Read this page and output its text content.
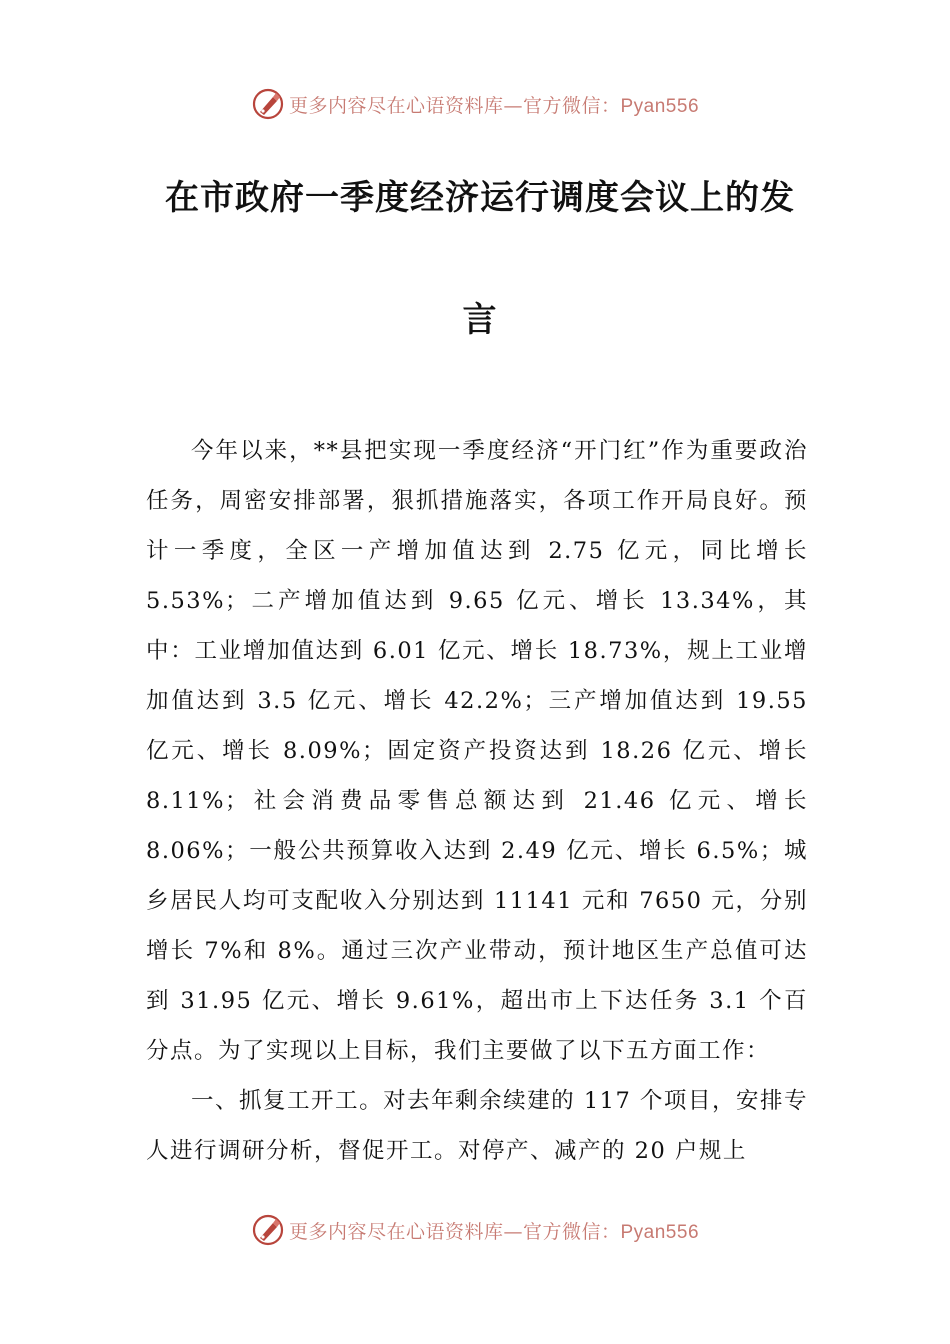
更多内容尽在心语资料库—官方微信：Pyan556
在市政府一季度经济运行调度会议上的发
言

今年以来，**县把实现一季度经济“开门红”作为重要政治任务，周密安排部署，狠抓措施落实，各项工作开局良好。预计一季度，全区一产增加值达到 2.75 亿元，同比增长 5.53%；二产增加值达到 9.65 亿元、增长 13.34%，其中：工业增加值达到 6.01 亿元、增长 18.73%，规上工业增加值达到 3.5 亿元、增长 42.2%；三产增加值达到 19.55 亿元、增长 8.09%；固定资产投资达到 18.26 亿元、增长 8.11%；社会消费品零售总额达到 21.46 亿元、增长 8.06%；一般公共预算收入达到 2.49 亿元、增长 6.5%；城乡居民人均可支配收入分别达到 11141 元和 7650 元，分别增长 7%和 8%。通过三次产业带动，预计地区生产总值可达到 31.95 亿元、增长 9.61%，超出市上下达任务 3.1 个百分点。为了实现以上目标，我们主要做了以下五方面工作：

一、抓复工开工。对去年剩余续建的 117 个项目，安排专人进行调研分析，督促开工。对停产、减产的 20 户规上

更多内容尽在心语资料库—官方微信：Pyan556
